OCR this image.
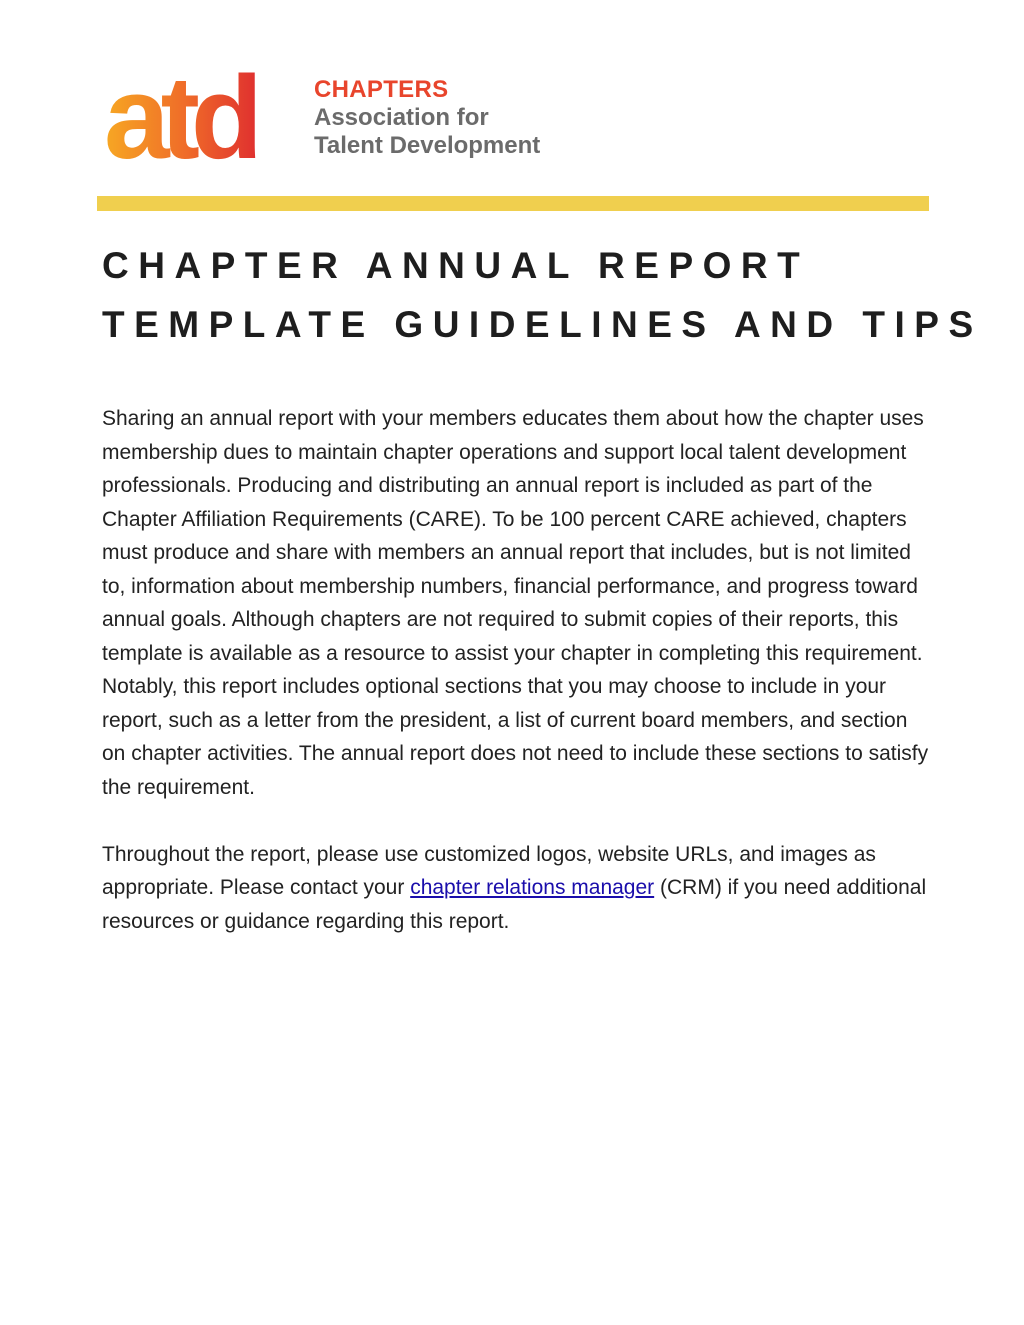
atd	CHAPTERS
Association for
Talent Development
CHAPTER ANNUAL REPORT
TEMPLATE GUIDELINES AND TIPS

Sharing an annual report with your members educates them about how the chapter uses membership dues to maintain chapter operations and support local talent development professionals. Producing and distributing an annual report is included as part of the Chapter Affiliation Requirements (CARE). To be 100 percent CARE achieved, chapters must produce and share with members an annual report that includes, but is not limited to, information about membership numbers, financial performance, and progress toward annual goals. Although chapters are not required to submit copies of their reports, this template is available as a resource to assist your chapter in completing this requirement. Notably, this report includes optional sections that you may choose to include in your report, such as a letter from the president, a list of current board members, and section on chapter activities. The annual report does not need to include these sections to satisfy the requirement.

Throughout the report, please use customized logos, website URLs, and images as appropriate. Please contact your chapter relations manager (CRM) if you need additional resources or guidance regarding this report.
